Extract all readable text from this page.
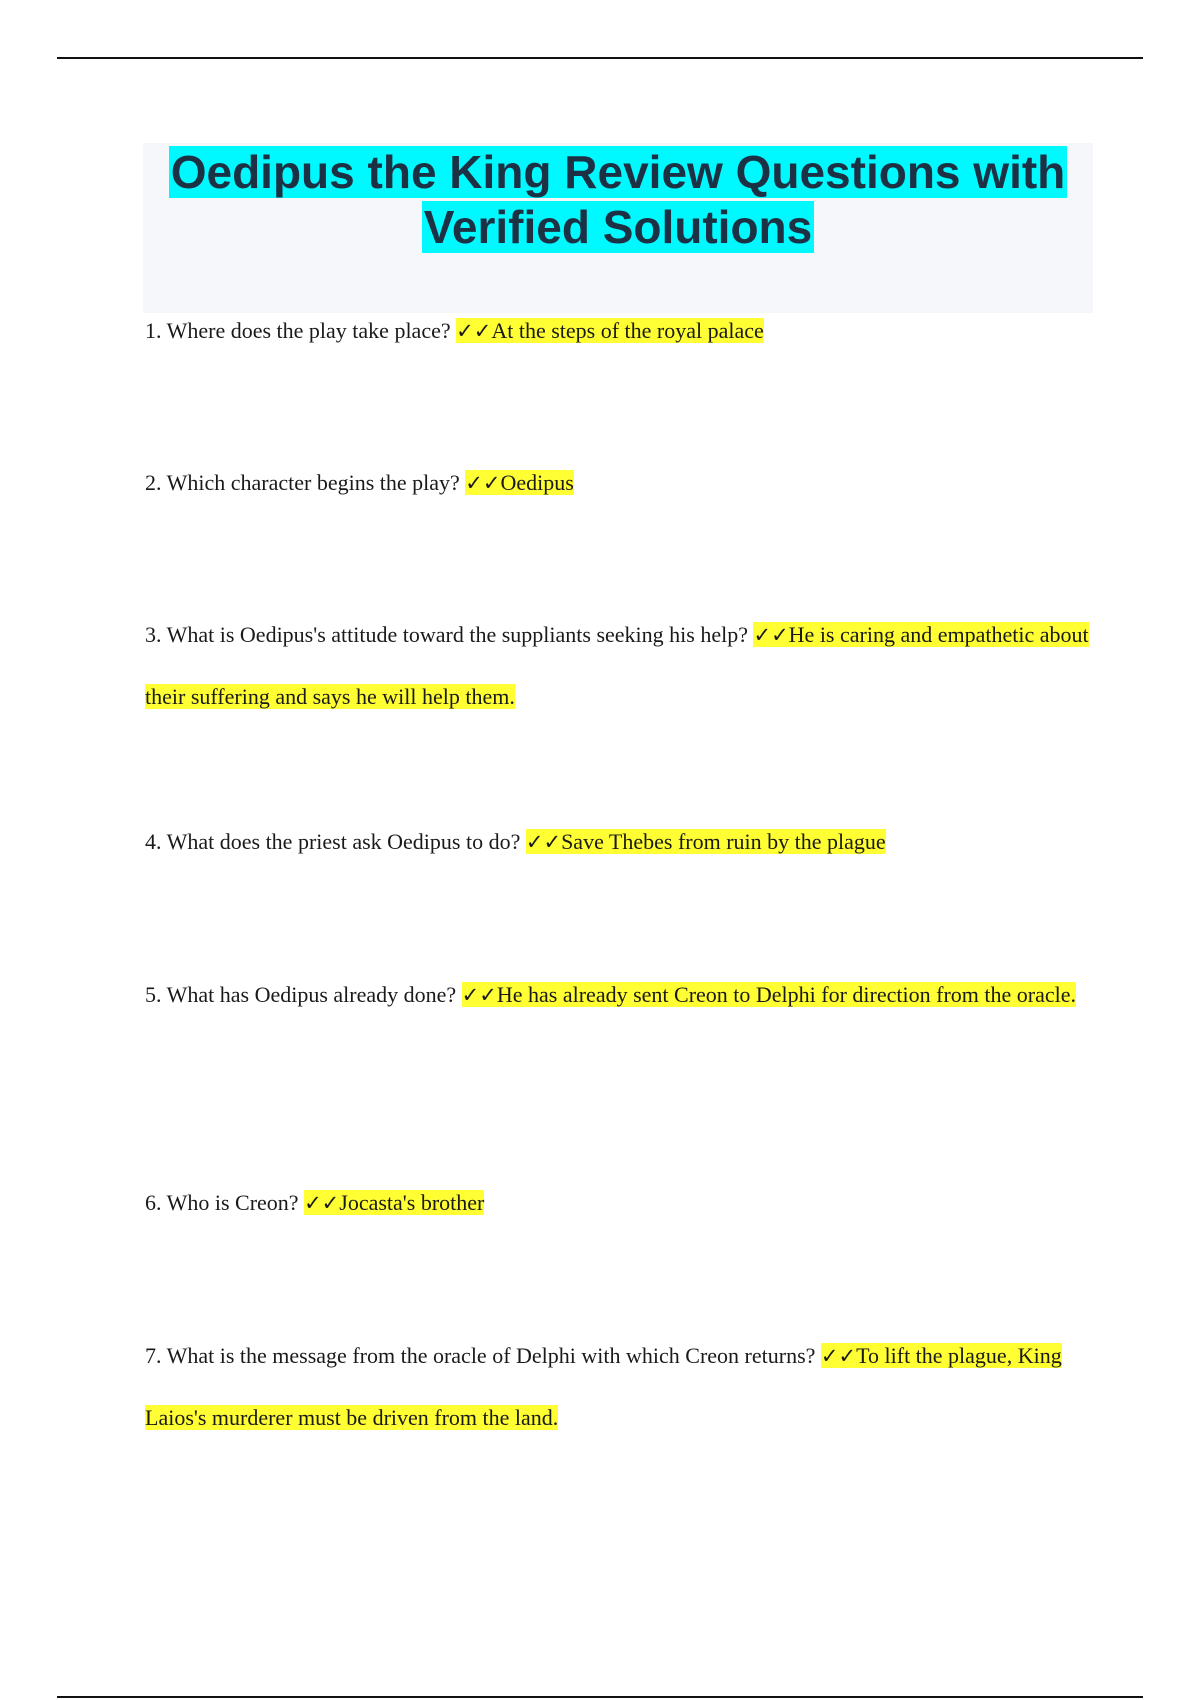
Oedipus the King Review Questions with
Verified Solutions

1. Where does the play take place? ✓✓At the steps of the royal palace

2. Which character begins the play? ✓✓Oedipus

3. What is Oedipus's attitude toward the suppliants seeking his help? ✓✓He is caring and empathetic about their suffering and says he will help them.

4. What does the priest ask Oedipus to do? ✓✓Save Thebes from ruin by the plague

5. What has Oedipus already done? ✓✓He has already sent Creon to Delphi for direction from the oracle.

6. Who is Creon? ✓✓Jocasta's brother

7. What is the message from the oracle of Delphi with which Creon returns? ✓✓To lift the plague, King Laios's murderer must be driven from the land.
